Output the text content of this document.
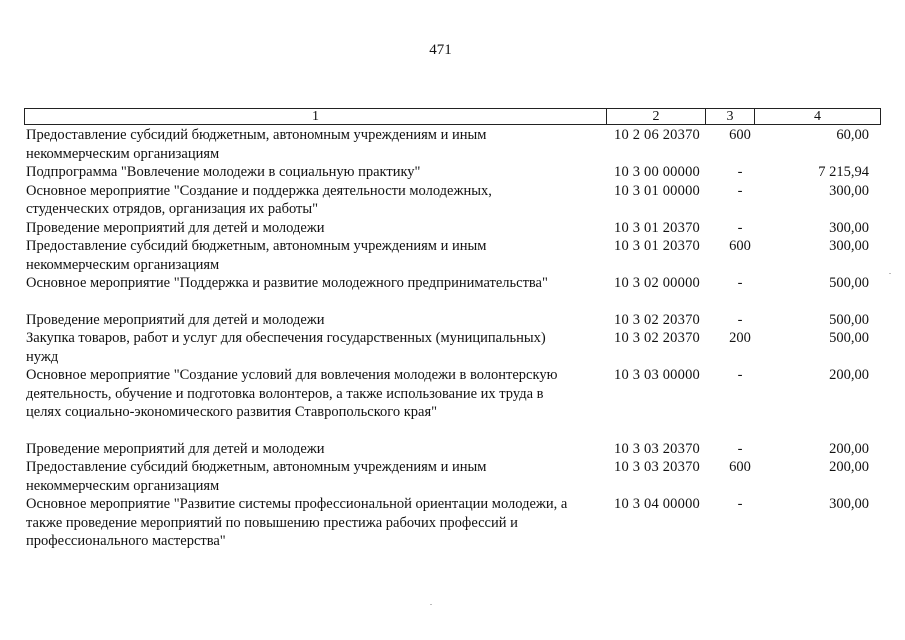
471
1	2	3	4
Предоставление субсидий бюджетным, автономным учреждениям и иным
некоммерческим организациям
10 2 06 20370	600	60,00
Подпрограмма "Вовлечение молодежи в социальную практику"	10 3 00 00000	-	7 215,94
Основное мероприятие "Создание и поддержка деятельности молодежных,
студенческих отрядов, организация их работы"
10 3 01 00000	-	300,00
Проведение мероприятий для детей и молодежи	10 3 01 20370	-	300,00
Предоставление субсидий бюджетным, автономным учреждениям и иным
некоммерческим организациям
10 3 01 20370	600	300,00
Основное мероприятие "Поддержка и развитие молодежного предпринимательства"	10 3 02 00000	-	500,00
Проведение мероприятий для детей и молодежи	10 3 02 20370	-	500,00
Закупка товаров, работ и услуг для обеспечения государственных (муниципальных)
нужд
10 3 02 20370	200	500,00
Основное мероприятие "Создание условий для вовлечения молодежи в волонтерскую
деятельность, обучение и подготовка волонтеров, а также использование их труда в
целях социально-экономического развития Ставропольского края"
10 3 03 00000	-	200,00
Проведение мероприятий для детей и молодежи	10 3 03 20370	-	200,00
Предоставление субсидий бюджетным, автономным учреждениям и иным
некоммерческим организациям
10 3 03 20370	600	200,00
Основное мероприятие "Развитие системы профессиональной ориентации молодежи, а
также проведение мероприятий по повышению престижа рабочих профессий и
профессионального мастерства"
10 3 04 00000	-	300,00
